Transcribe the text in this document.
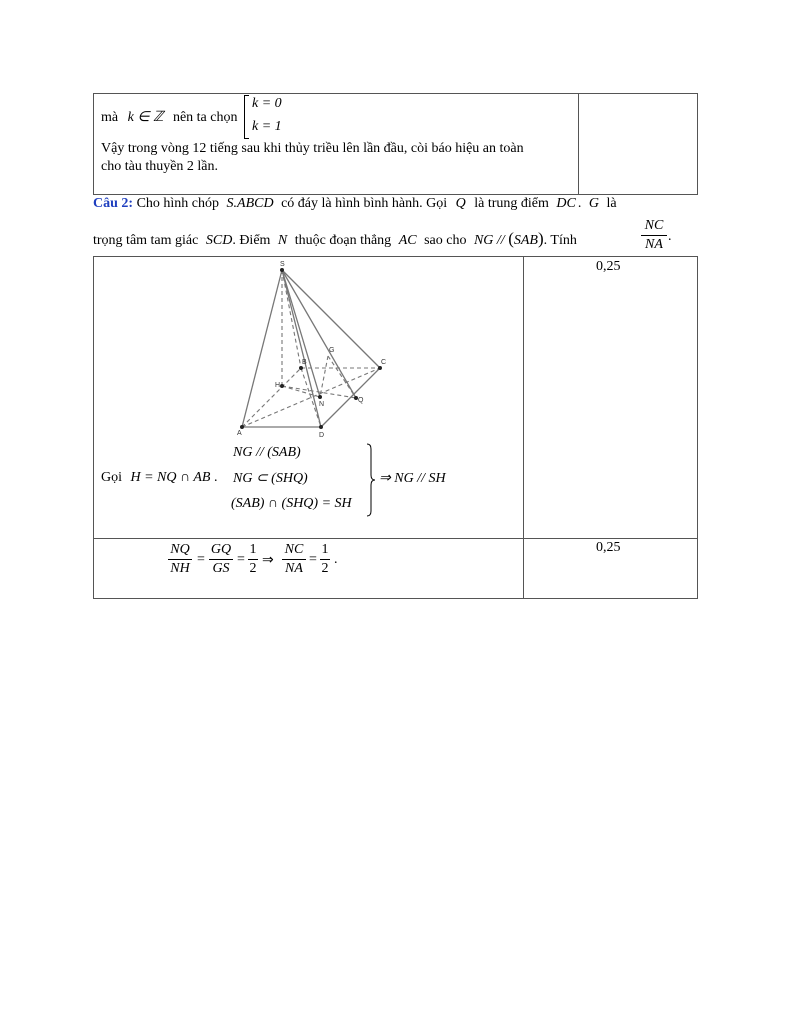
mà k ∈ ℤ nên ta chọn
k = 0
k = 1
Vậy trong vòng 12 tiếng sau khi thủy triều lên lần đầu, còi báo hiệu an toàn
cho tàu thuyền 2 lần.
Câu 2: Cho hình chóp S.ABCD có đáy là hình bình hành. Gọi Q là trung điểm DC . G là
trọng tâm tam giác SCD. Điểm N thuộc đoạn thẳng AC sao cho NG // (SAB). Tính
NC
NA
.
0,25
0,25
S
B
G
C
H
N
Q
A	D
Gọi H = NQ ∩ AB .
NG // (SAB)
NG ⊂ (SHQ)
(SAB) ∩ (SHQ) = SH
⇒ NG // SH
NQ
NH
=
GQ
GS
=
1
2
⇒
NC
NA
=
1
2
.
